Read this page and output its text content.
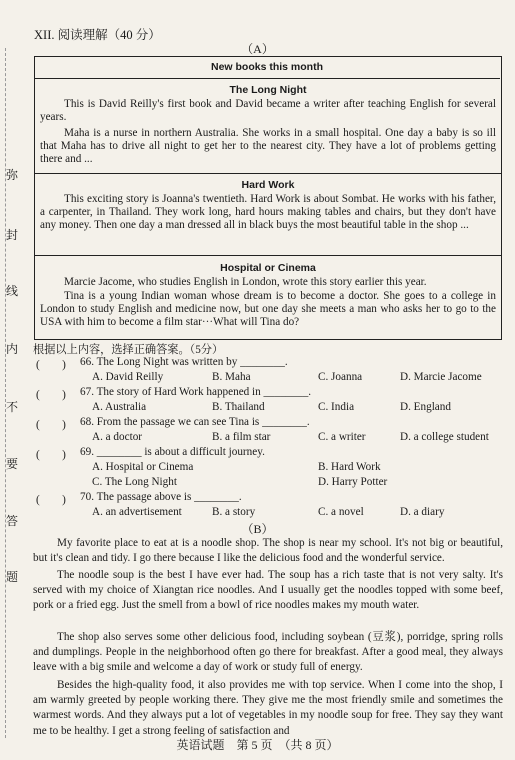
弥
封
线
内
不
要
答
题
XII. 阅读理解（40 分）
（A）
New books this month
The Long Night
This is David Reilly's first book and David became a writer after teaching English for several years.
Maha is a nurse in northern Australia. She works in a small hospital. One day a baby is so ill that Maha has to drive all night to get her to the nearest city. They have a lot of problems getting there and ...
Hard Work
This exciting story is Joanna's twentieth. Hard Work is about Sombat. He works with his father, a carpenter, in Thailand. They work long, hard hours making tables and chairs, but they don't have any money. Then one day a man dressed all in black buys the most beautiful table in the shop ...
Hospital or Cinema
Marcie Jacome, who studies English in London, wrote this story earlier this year.
Tina is a young Indian woman whose dream is to become a doctor. She goes to a college in London to study English and medicine now, but one day she meets a man who asks her to go to the USA with him to become a film star···What will Tina do?
根据以上内容，选择正确答案。（5分）
(　　) 66. The Long Night was written by ________.
A. David Reilly	B. Maha	C. Joanna	D. Marcie Jacome
(　　) 67. The story of Hard Work happened in ________.
A. Australia	B. Thailand	C. India	D. England
(　　) 68. From the passage we can see Tina is ________.
A. a doctor	B. a film star	C. a writer	D. a college student
(　　) 69. ________ is about a difficult journey.
A. Hospital or Cinema	B. Hard Work
C. The Long Night	D. Harry Potter
(　　) 70. The passage above is ________.
A. an advertisement	B. a story	C. a novel	D. a diary
（B）
My favorite place to eat at is a noodle shop. The shop is near my school. It's not big or beautiful, but it's clean and tidy. I go there because I like the delicious food and the wonderful service.
The noodle soup is the best I have ever had. The soup has a rich taste that is not very salty. It's served with my choice of Xiangtan rice noodles. And I usually get the noodles topped with some beef, pork or a fried egg. Just the smell from a bowl of rice noodles makes my mouth water.
The shop also serves some other delicious food, including soybean (豆浆), porridge, spring rolls and dumplings. People in the neighborhood often go there for breakfast. After a good meal, they always leave with a big smile and welcome a day of work or study full of energy.
Besides the high-quality food, it also provides me with top service. When I come into the shop, I am warmly greeted by people working there. They give me the most friendly smile and sometimes the warmest words. And they always put a lot of vegetables in my noodle soup for free. They say they want me to be healthy. I get a strong feeling of satisfaction and
英语试题　第 5 页　（共 8 页）
